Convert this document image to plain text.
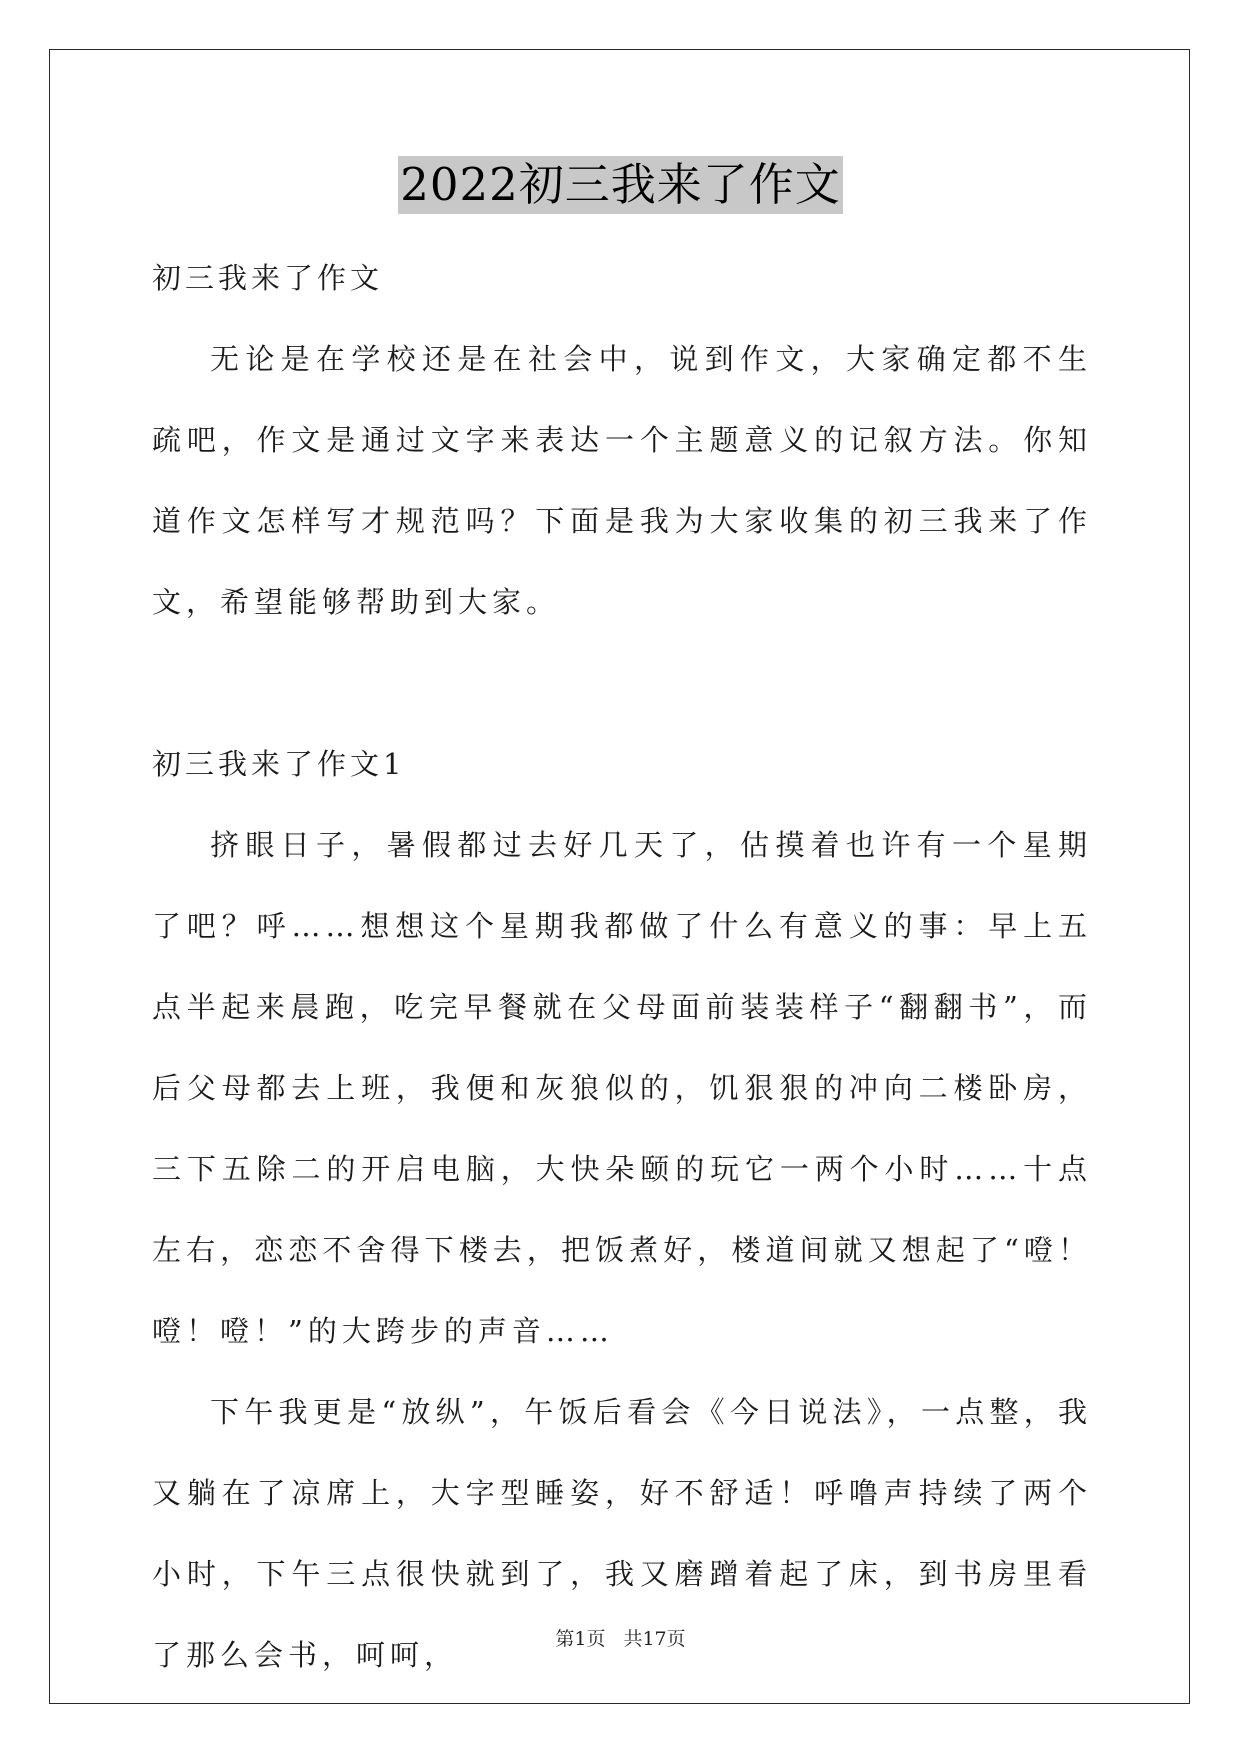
2022初三我来了作文

初三我来了作文

无论是在学校还是在社会中，说到作文，大家确定都不生疏吧，作文是通过文字来表达一个主题意义的记叙方法。你知道作文怎样写才规范吗？下面是我为大家收集的初三我来了作文，希望能够帮助到大家。

初三我来了作文1

挤眼日子，暑假都过去好几天了，估摸着也许有一个星期了吧？呼……想想这个星期我都做了什么有意义的事：早上五点半起来晨跑，吃完早餐就在父母面前装装样子“翻翻书”，而后父母都去上班，我便和灰狼似的，饥狠狠的冲向二楼卧房，三下五除二的开启电脑，大快朵颐的玩它一两个小时……十点左右，恋恋不舍得下楼去，把饭煮好，楼道间就又想起了“噔！噔！噔！”的大跨步的声音……

下午我更是“放纵”，午饭后看会《今日说法》，一点整，我又躺在了凉席上，大字型睡姿，好不舒适！呼噜声持续了两个小时，下午三点很快就到了，我又磨蹭着起了床，到书房里看了那么会书，呵呵，	第1页 共17页
